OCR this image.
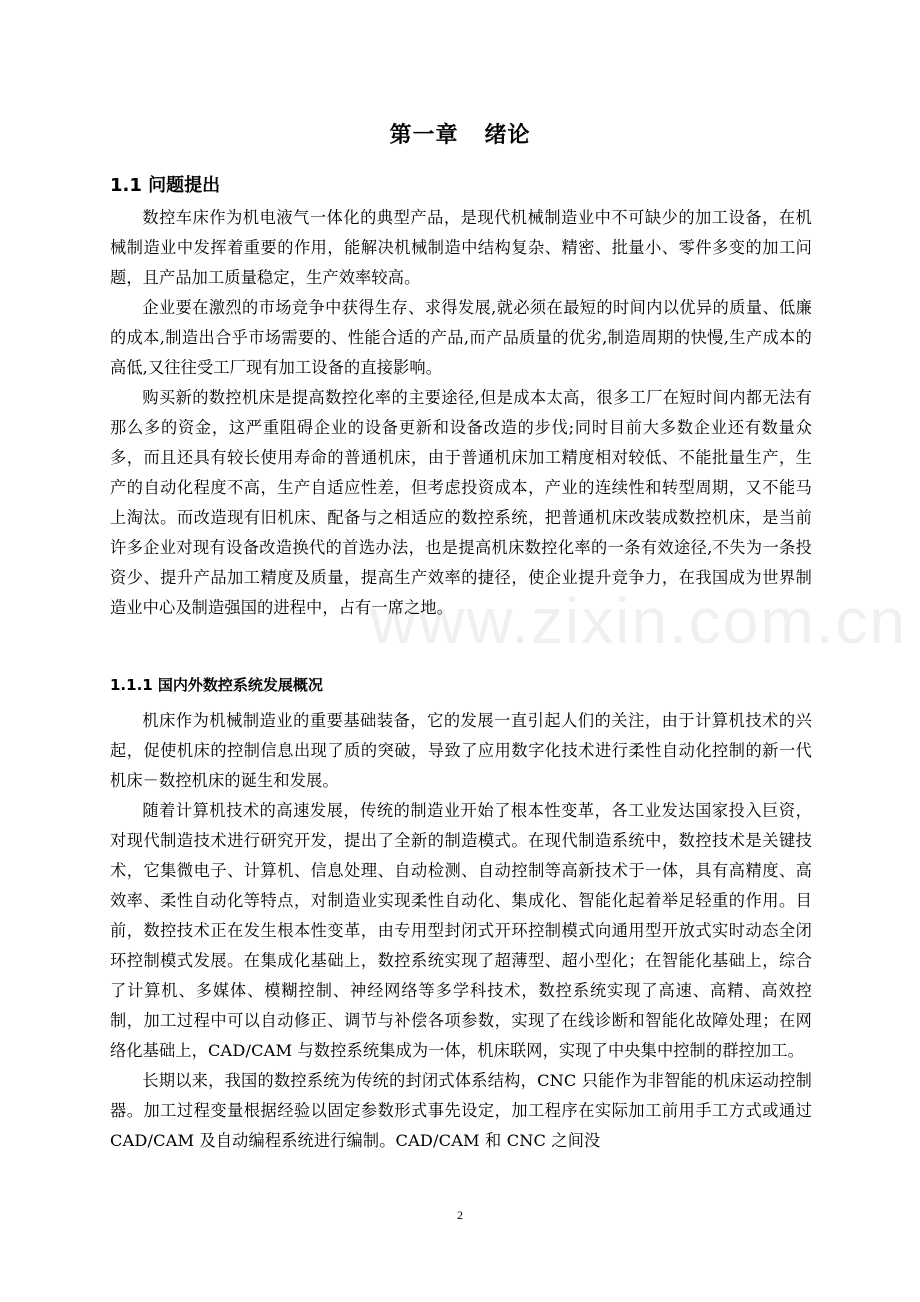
www.zixin.com.cn
第一章 绪论
1.1 问题提出

数控车床作为机电液气一体化的典型产品，是现代机械制造业中不可缺少的加工设备，在机械制造业中发挥着重要的作用，能解决机械制造中结构复杂、精密、批量小、零件多变的加工问题，且产品加工质量稳定，生产效率较高。

企业要在激烈的市场竞争中获得生存、求得发展,就必须在最短的时间内以优异的质量、低廉的成本,制造出合乎市场需要的、性能合适的产品,而产品质量的优劣,制造周期的快慢,生产成本的高低,又往往受工厂现有加工设备的直接影响。

购买新的数控机床是提高数控化率的主要途径,但是成本太高，很多工厂在短时间内都无法有那么多的资金，这严重阻碍企业的设备更新和设备改造的步伐;同时目前大多数企业还有数量众多，而且还具有较长使用寿命的普通机床，由于普通机床加工精度相对较低、不能批量生产，生产的自动化程度不高，生产自适应性差，但考虑投资成本，产业的连续性和转型周期，又不能马上淘汰。而改造现有旧机床、配备与之相适应的数控系统，把普通机床改装成数控机床，是当前许多企业对现有设备改造换代的首选办法，也是提高机床数控化率的一条有效途径,不失为一条投资少、提升产品加工精度及质量，提高生产效率的捷径，使企业提升竞争力，在我国成为世界制造业中心及制造强国的进程中，占有一席之地。

1.1.1 国内外数控系统发展概况

机床作为机械制造业的重要基础装备，它的发展一直引起人们的关注，由于计算机技术的兴起，促使机床的控制信息出现了质的突破，导致了应用数字化技术进行柔性自动化控制的新一代机床－数控机床的诞生和发展。

随着计算机技术的高速发展，传统的制造业开始了根本性变革，各工业发达国家投入巨资，对现代制造技术进行研究开发，提出了全新的制造模式。在现代制造系统中，数控技术是关键技术，它集微电子、计算机、信息处理、自动检测、自动控制等高新技术于一体，具有高精度、高效率、柔性自动化等特点，对制造业实现柔性自动化、集成化、智能化起着举足轻重的作用。目前，数控技术正在发生根本性变革，由专用型封闭式开环控制模式向通用型开放式实时动态全闭环控制模式发展。在集成化基础上，数控系统实现了超薄型、超小型化；在智能化基础上，综合了计算机、多媒体、模糊控制、神经网络等多学科技术，数控系统实现了高速、高精、高效控制，加工过程中可以自动修正、调节与补偿各项参数，实现了在线诊断和智能化故障处理；在网络化基础上，CAD/CAM 与数控系统集成为一体，机床联网，实现了中央集中控制的群控加工。

长期以来，我国的数控系统为传统的封闭式体系结构，CNC 只能作为非智能的机床运动控制器。加工过程变量根据经验以固定参数形式事先设定，加工程序在实际加工前用手工方式或通过 CAD/CAM 及自动编程系统进行编制。CAD/CAM 和 CNC 之间没

2
